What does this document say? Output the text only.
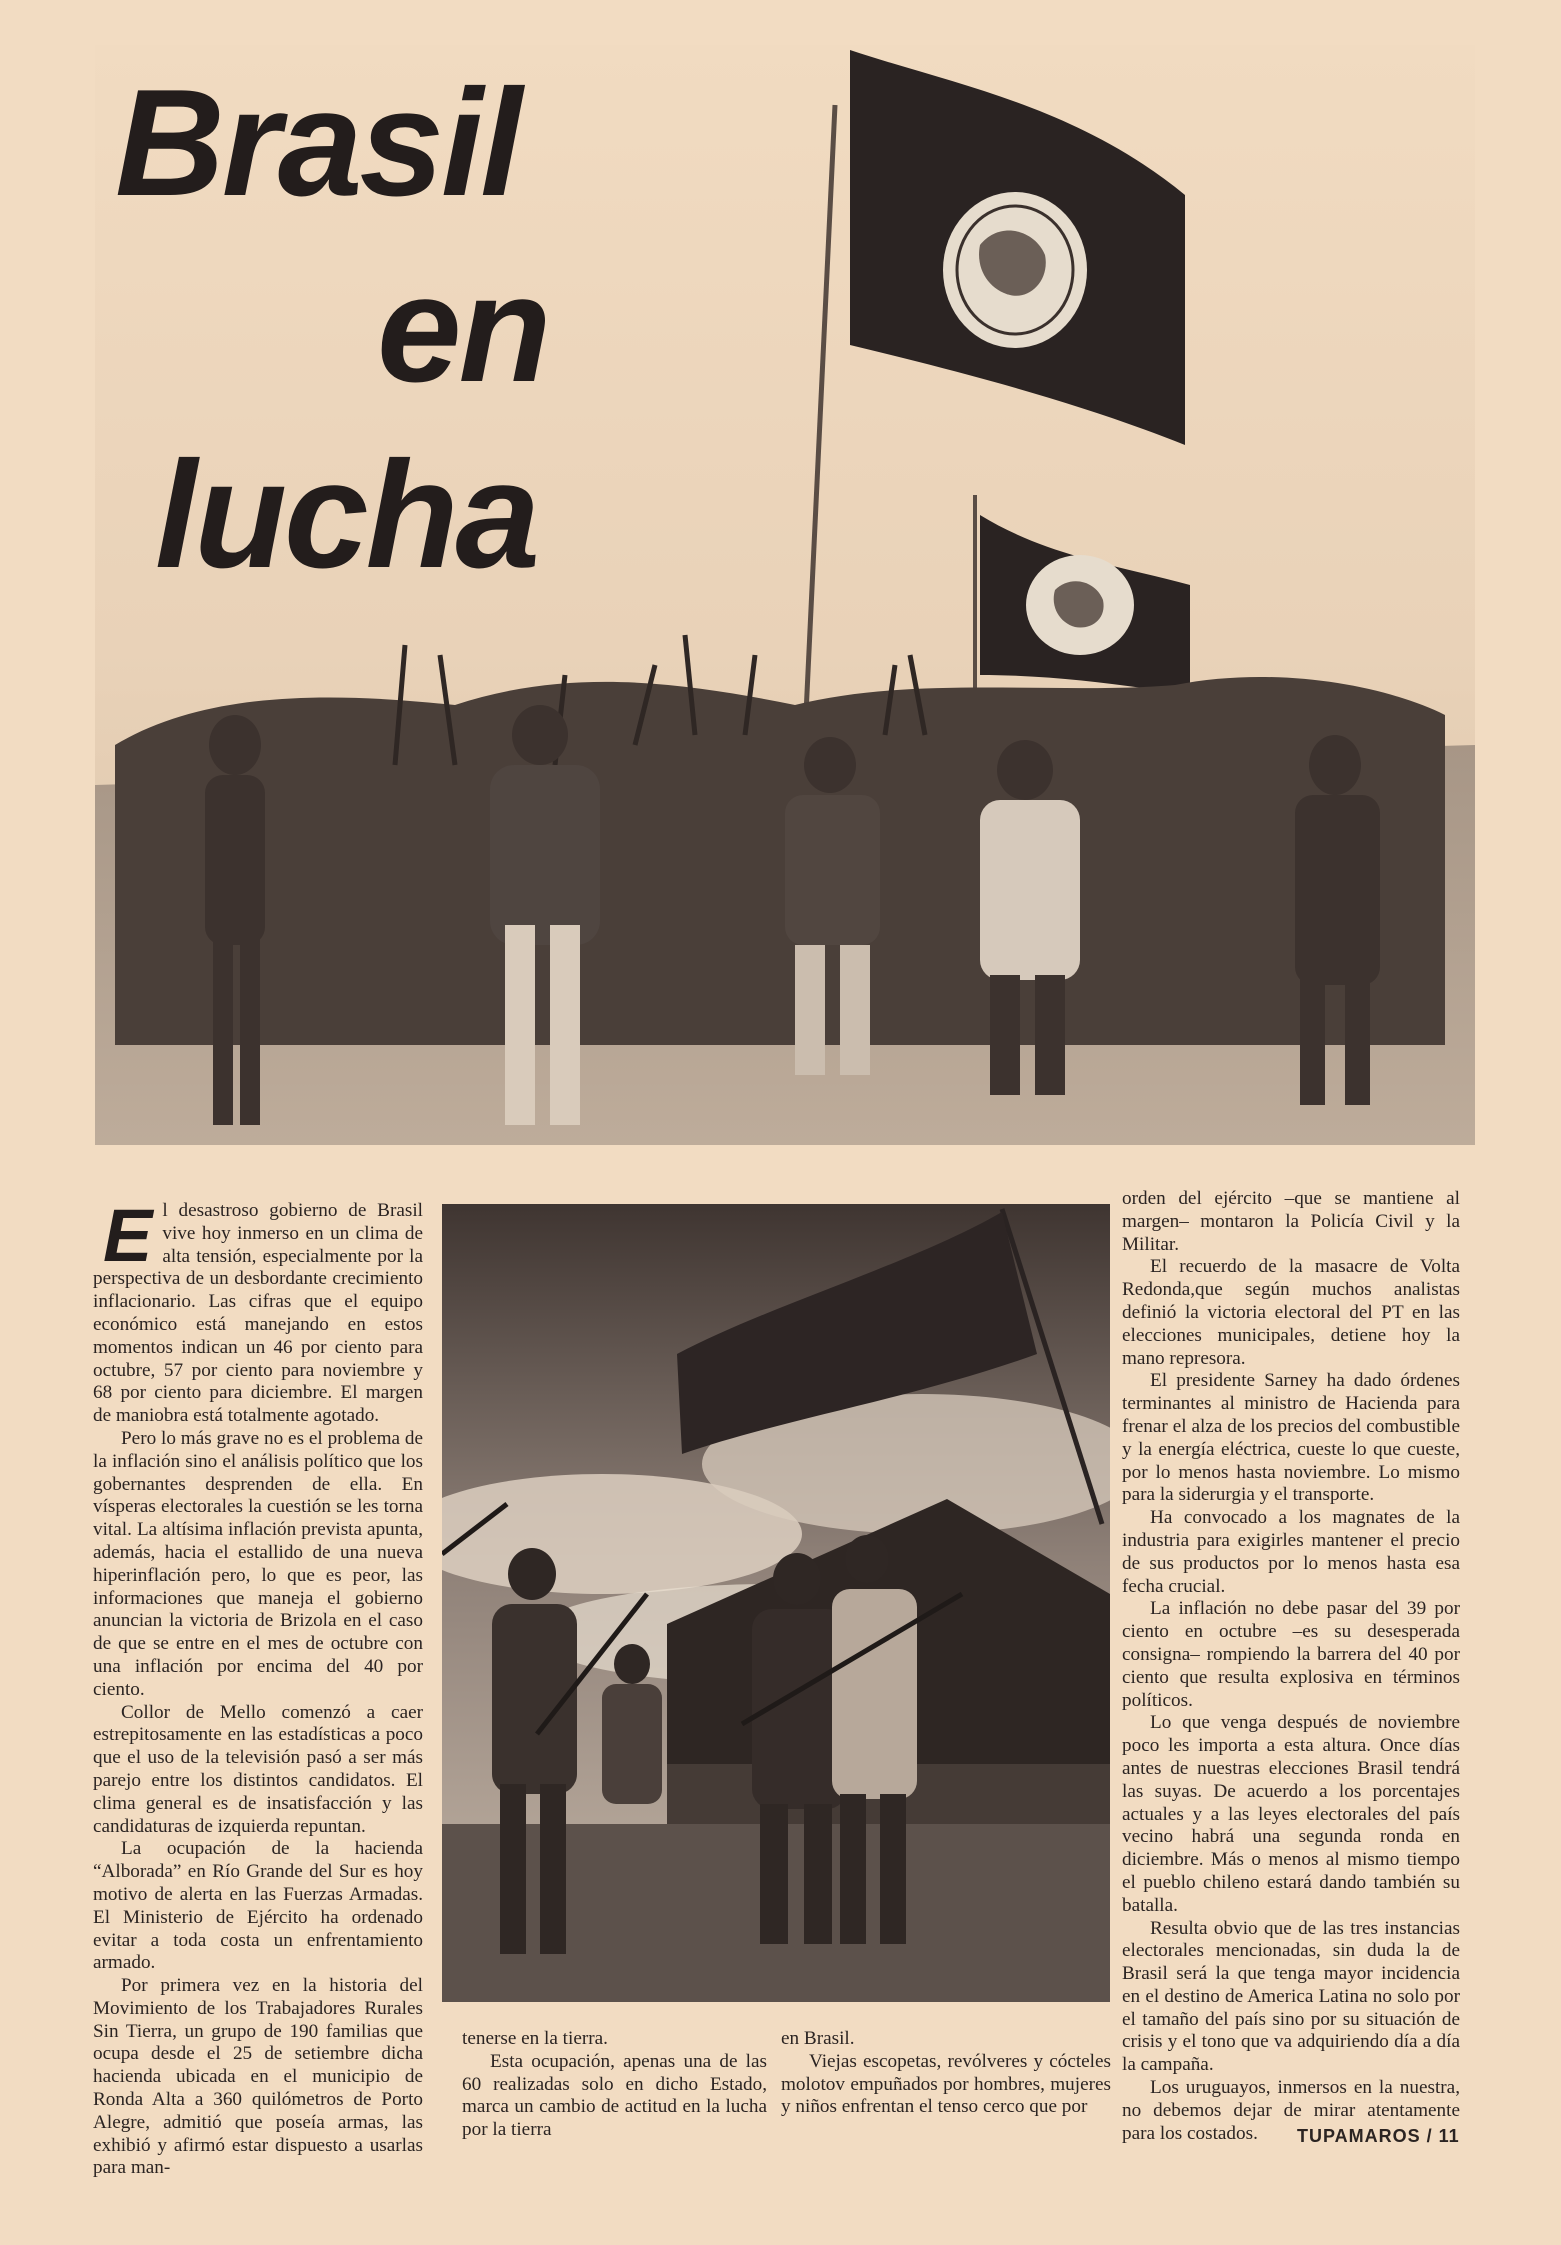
Brasil
en
lucha

El desastroso gobierno de Brasil vive hoy inmerso en un clima de alta tensión, especialmente por la perspectiva de un desbordante crecimiento inflacionario. Las cifras que el equipo económico está manejando en estos momentos indican un 46 por ciento para octubre, 57 por ciento para noviembre y 68 por ciento para diciembre. El margen de maniobra está totalmente agotado.

Pero lo más grave no es el problema de la inflación sino el análisis político que los gobernantes desprenden de ella. En vísperas electorales la cuestión se les torna vital. La altísima inflación prevista apunta, además, hacia el estallido de una nueva hiperinflación pero, lo que es peor, las informaciones que maneja el gobierno anuncian la victoria de Brizola en el caso de que se entre en el mes de octubre con una inflación por encima del 40 por ciento.

Collor de Mello comenzó a caer estrepitosamente en las estadísticas a poco que el uso de la televisión pasó a ser más parejo entre los distintos candidatos. El clima general es de insatisfacción y las candidaturas de izquierda repuntan.

La ocupación de la hacienda “Alborada” en Río Grande del Sur es hoy motivo de alerta en las Fuerzas Armadas. El Ministerio de Ejército ha ordenado evitar a toda costa un enfrentamiento armado.

Por primera vez en la historia del Movimiento de los Trabajadores Rurales Sin Tierra, un grupo de 190 familias que ocupa desde el 25 de setiembre dicha hacienda ubicada en el municipio de Ronda Alta a 360 quilómetros de Porto Alegre, admitió que poseía armas, las exhibió y afirmó estar dispuesto a usarlas para man-

tenerse en la tierra.

Esta ocupación, apenas una de las 60 realizadas solo en dicho Estado, marca un cambio de actitud en la lucha por la tierra

en Brasil.

Viejas escopetas, revólveres y cócteles molotov empuñados por hombres, mujeres y niños enfrentan el tenso cerco que por

orden del ejército –que se mantiene al margen– montaron la Policía Civil y la Militar.

El recuerdo de la masacre de Volta Redonda,que según muchos analistas definió la victoria electoral del PT en las elecciones municipales, detiene hoy la mano represora.

El presidente Sarney ha dado órdenes terminantes al ministro de Hacienda para frenar el alza de los precios del combustible y la energía eléctrica, cueste lo que cueste, por lo menos hasta noviembre. Lo mismo para la siderurgia y el transporte.

Ha convocado a los magnates de la industria para exigirles mantener el precio de sus productos por lo menos hasta esa fecha crucial.

La inflación no debe pasar del 39 por ciento en octubre –es su desesperada consigna– rompiendo la barrera del 40 por ciento que resulta explosiva en términos políticos.

Lo que venga después de noviembre poco les importa a esta altura. Once días antes de nuestras elecciones Brasil tendrá las suyas. De acuerdo a los porcentajes actuales y a las leyes electorales del país vecino habrá una segunda ronda en diciembre. Más o menos al mismo tiempo el pueblo chileno estará dando también su batalla.

Resulta obvio que de las tres instancias electorales mencionadas, sin duda la de Brasil será la que tenga mayor incidencia en el destino de America Latina no solo por el tamaño del país sino por su situación de crisis y el tono que va adquiriendo día a día la campaña.

Los uruguayos, inmersos en la nuestra, no debemos dejar de mirar atentamente para los costados.	TUPAMAROS / 11
